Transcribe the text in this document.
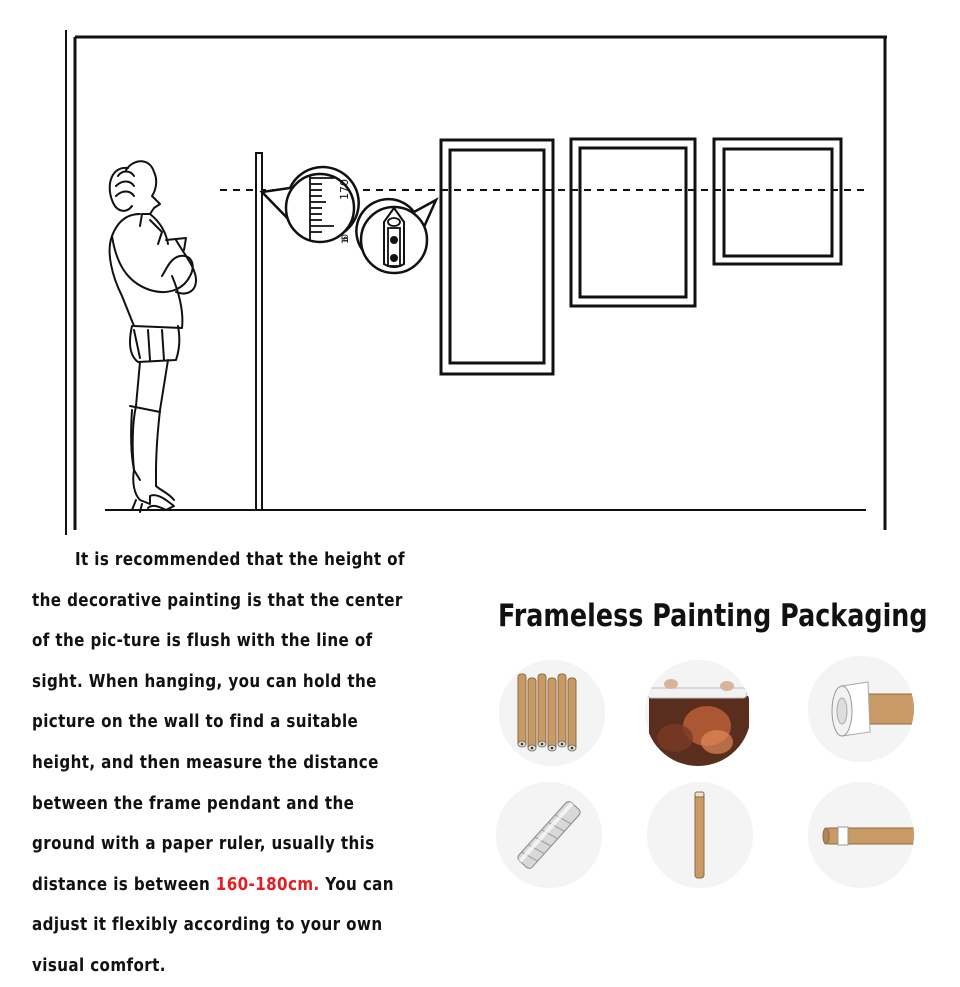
170
160
It is recommended that the height of the decorative painting is that the center of the pic-ture is flush with the line of sight. When hanging, you can hold the picture on the wall to find a suitable height, and then measure the distance between the frame pendant and the ground with a paper ruler, usually this distance is between 160-180cm. You can adjust it flexibly according to your own visual comfort.
Frameless Painting Packaging
